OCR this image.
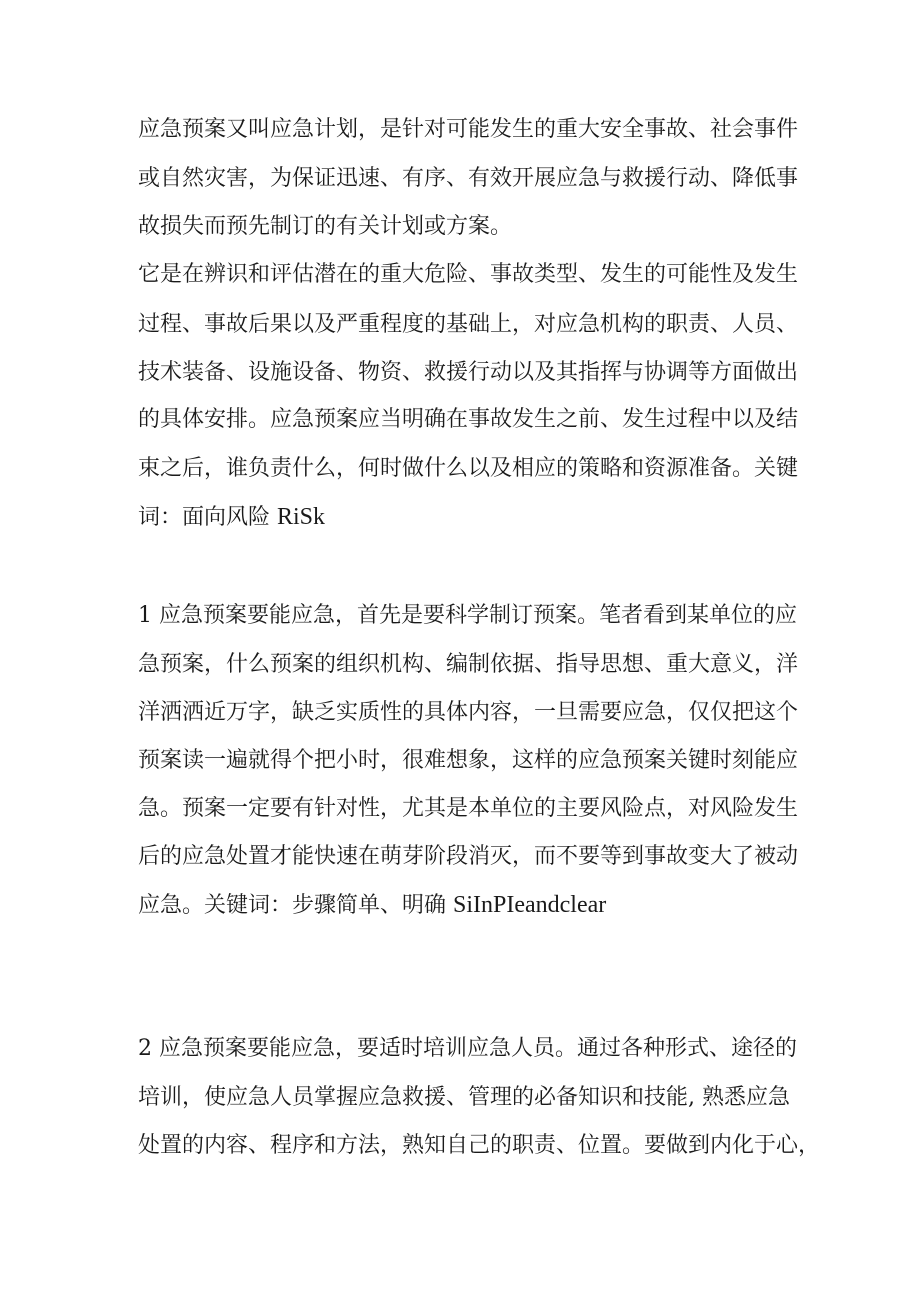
应急预案又叫应急计划，是针对可能发生的重大安全事故、社会事件

或自然灾害，为保证迅速、有序、有效开展应急与救援行动、降低事

故损失而预先制订的有关计划或方案。

它是在辨识和评估潜在的重大危险、事故类型、发生的可能性及发生

过程、事故后果以及严重程度的基础上，对应急机构的职责、人员、

技术装备、设施设备、物资、救援行动以及其指挥与协调等方面做出

的具体安排。应急预案应当明确在事故发生之前、发生过程中以及结

束之后，谁负责什么，何时做什么以及相应的策略和资源准备。关键

词：面向风险 RiSk

1 应急预案要能应急，首先是要科学制订预案。笔者看到某单位的应

急预案，什么预案的组织机构、编制依据、指导思想、重大意义，洋

洋洒洒近万字，缺乏实质性的具体内容，一旦需要应急，仅仅把这个

预案读一遍就得个把小时，很难想象，这样的应急预案关键时刻能应

急。预案一定要有针对性，尤其是本单位的主要风险点，对风险发生

后的应急处置才能快速在萌芽阶段消灭，而不要等到事故变大了被动

应急。关键词：步骤简单、明确 SiInPIeandclear

2 应急预案要能应急，要适时培训应急人员。通过各种形式、途径的

培训，使应急人员掌握应急救援、管理的必备知识和技能, 熟悉应急

处置的内容、程序和方法，熟知自己的职责、位置。要做到内化于心，
